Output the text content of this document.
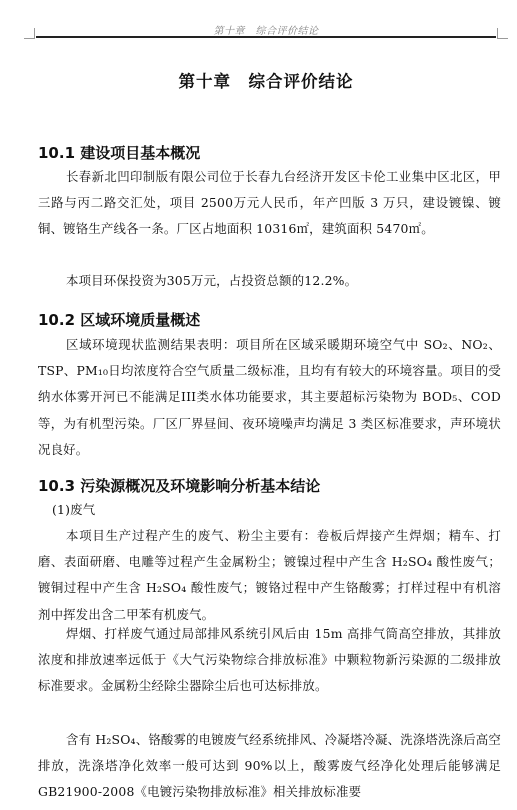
第十章　综合评价结论
第十章　综合评价结论
10.1 建设项目基本概况
长春新北凹印制版有限公司位于长春九台经济开发区卡伦工业集中区北区，甲三路与丙二路交汇处，项目 2500万元人民币，年产凹版 3 万只，建设镀镍、镀铜、镀铬生产线各一条。厂区占地面积 10316㎡，建筑面积 5470㎡。
本项目环保投资为305万元，占投资总额的12.2%。
10.2 区域环境质量概述
区域环境现状监测结果表明：项目所在区域采暖期环境空气中 SO₂、NO₂、TSP、PM₁₀日均浓度符合空气质量二级标准，且均有有较大的环境容量。项目的受纳水体雾开河已不能满足III类水体功能要求，其主要超标污染物为 BOD₅、COD 等，为有机型污染。厂区厂界昼间、夜环境噪声均满足 3 类区标准要求，声环境状况良好。
10.3 污染源概况及环境影响分析基本结论
(1)废气
本项目生产过程产生的废气、粉尘主要有：卷板后焊接产生焊烟；精车、打磨、表面研磨、电雕等过程产生金属粉尘；镀镍过程中产生含 H₂SO₄ 酸性废气；镀铜过程中产生含 H₂SO₄ 酸性废气；镀铬过程中产生铬酸雾；打样过程中有机溶剂中挥发出含二甲苯有机废气。
焊烟、打样废气通过局部排风系统引风后由 15m 高排气筒高空排放，其排放浓度和排放速率远低于《大气污染物综合排放标准》中颗粒物新污染源的二级排放标准要求。金属粉尘经除尘器除尘后也可达标排放。
含有 H₂SO₄、铬酸雾的电镀废气经系统排风、冷凝塔冷凝、洗涤塔洗涤后高空排放，洗涤塔净化效率一般可达到 90%以上，酸雾废气经净化处理后能够满足 GB21900-2008《电镀污染物排放标准》相关排放标准要
